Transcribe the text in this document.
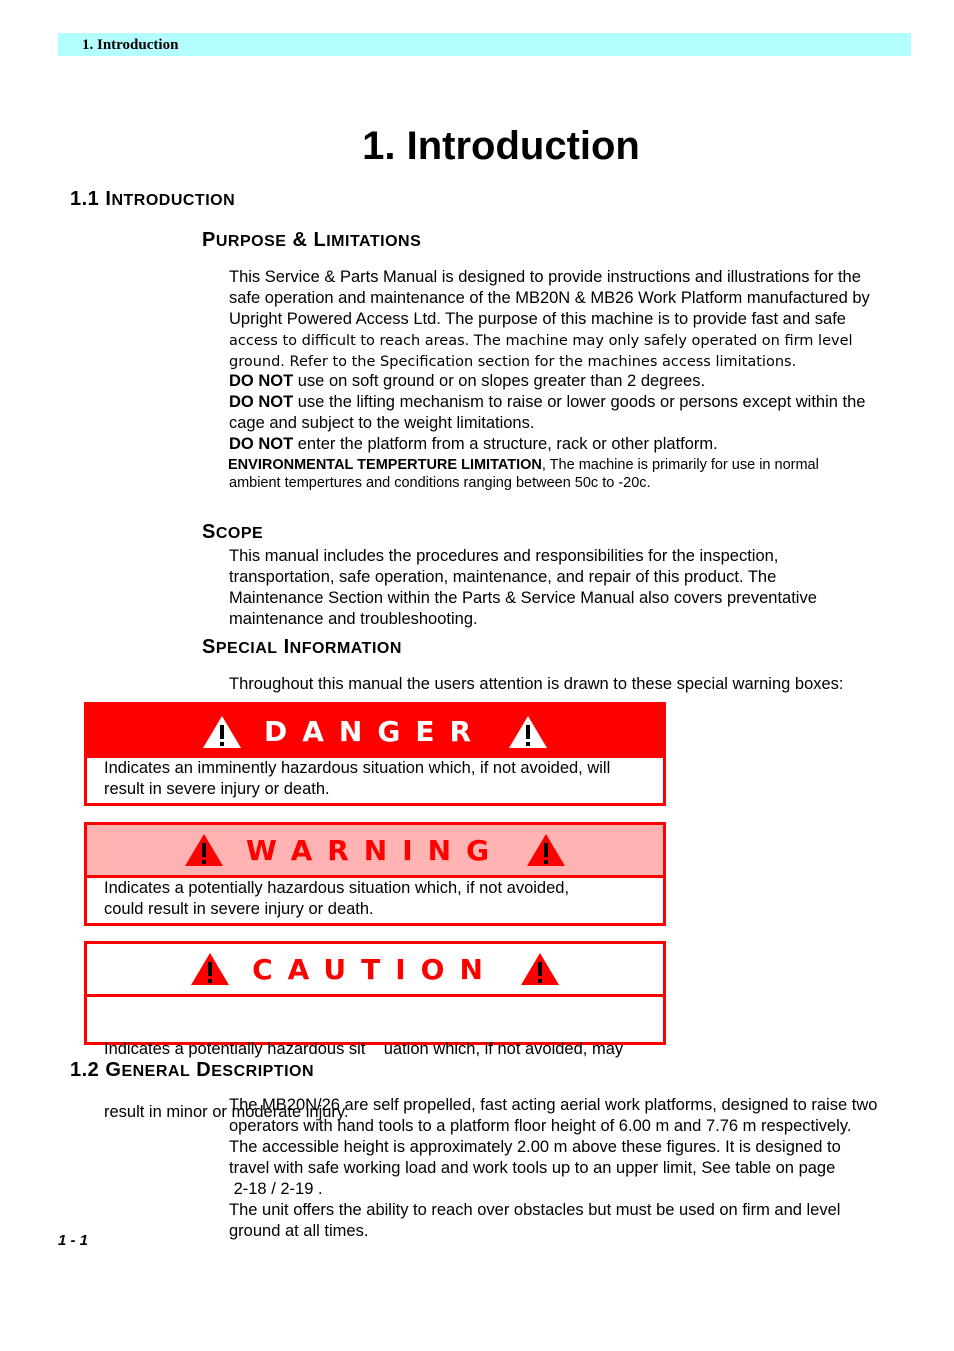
1. Introduction
1. Introduction
1.1 INTRODUCTION
PURPOSE & LIMITATIONS
This Service & Parts Manual is designed to provide instructions and illustrations for the
safe operation and maintenance of the MB20N & MB26 Work Platform manufactured by
Upright Powered Access Ltd. The purpose of this machine is to provide fast and safe
access to difficult to reach areas. The machine may only safely operated on firm level
ground. Refer to the Specification section for the machines access limitations.
DO NOT use on soft ground or on slopes greater than 2 degrees.
DO NOT use the lifting mechanism to raise or lower goods or persons except within the
cage and subject to the weight limitations.
DO NOT enter the platform from a structure, rack or other platform.
ENVIRONMENTAL TEMPERTURE LIMITATION, The machine is primarily for use in normal
ambient tempertures and conditions ranging between 50c to -20c.
SCOPE
This manual includes the procedures and responsibilities for the inspection,
transportation, safe operation, maintenance, and repair of this product. The
Maintenance Section within the Parts & Service Manual also covers preventative
maintenance and troubleshooting.
SPECIAL INFORMATION
Throughout this manual the users attention is drawn to these special warning boxes:
DANGER
Indicates an imminently hazardous situation which, if not avoided, will
result in severe injury or death.
WARNING
Indicates a potentially hazardous situation which, if not avoided,
could result in severe injury or death.
CAUTION

Indicates a potentially hazardous sit    uation which, if not avoided, may

result in minor or moderate injury.

1.2 GENERAL DESCRIPTION
The MB20N/26 are self propelled, fast acting aerial work platforms, designed to raise two
operators with hand tools to a platform floor height of 6.00 m and 7.76 m respectively.
The accessible height is approximately 2.00 m above these figures. It is designed to
travel with safe working load and work tools up to an upper limit, See table on page
2-18 / 2-19 .
The unit offers the ability to reach over obstacles but must be used on firm and level
ground at all times.
1 - 1
